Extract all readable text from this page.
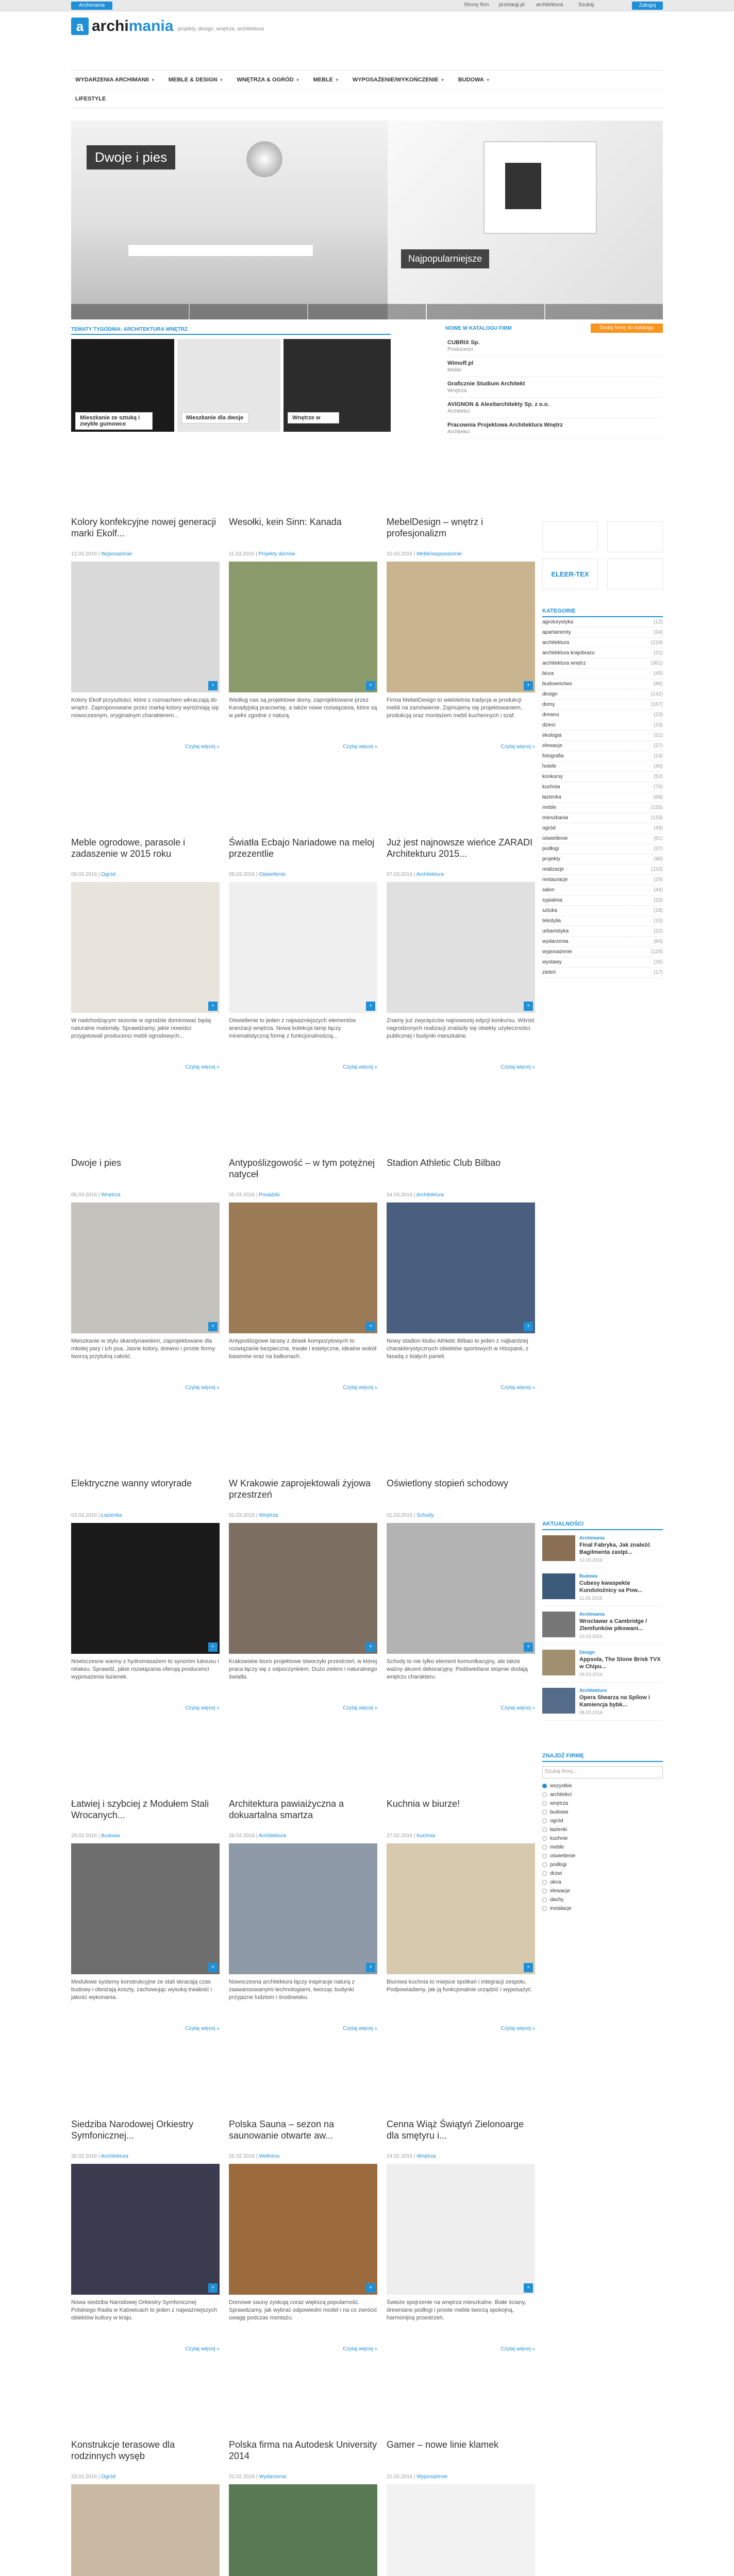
Archimania	Strony firm przetargi.pl architektura	Szukaj	Zaloguj
a archimania projekty, design, wnętrza, architektura
WYDARZENIA ARCHIMANII ▼ MEBLE & DESIGN ▼ WNĘTRZA & OGRÓD ▼ MEBLE ▼ WYPOSAŻENIE/WYKOŃCZENIE ▼ BUDOWA ▼
LIFESTYLE
Dwoje i pies
Najpopularniejsze
TEMATY TYGODNIA: ARCHITEKTURA WNĘTRZ
Mieszkanie ze sztuką i zwykłe gumowce
Mieszkanie dla dwoje	Wnętrze w
NOWE W KATALOGU FIRM	Dodaj firmę do katalogu
CUBRIX Sp.
Producenci
Wimoff.pl
Meble
Graficznie Studium Architekt
Wnętrza
AVIGNON & Alexitarchitekty Sp. z o.o.
Architekci
Pracownia Projektowa Architektura Wnętrz
Architekci
Kolory konfekcyjne nowej generacji marki Ekolf...
12.03.2016 | Wyposażenie
+
Kolory Ekolf przyszłości, które z rozmachem wkraczają do wnętrz. Zaproponowane przez markę kolory wyróżniają się nowoczesnym, oryginalnym charakterem...
Czytaj więcej »
Wesołki, kein Sinn: Kanada
11.03.2016 | Projekty domów
+
Według nas są projektowe domy, zaprojektowane przez Kanadyjską pracownię, a także nowe rozwiązania, które są w pełni zgodne z naturą.
Czytaj więcej »
MebelDesign – wnętrz i profesjonalizm
10.03.2016 | Meble/wyposażenie
+
Firma MebelDesign to wieloletnia tradycja w produkcji mebli na zamówienie. Zajmujemy się projektowaniem, produkcją oraz montażem mebli kuchennych i szaf.
Czytaj więcej »
Meble ogrodowe, parasole i zadaszenie w 2015 roku
09.03.2016 | Ogród
+
W nadchodzącym sezonie w ogrodzie dominować będą naturalne materiały. Sprawdzamy, jakie nowości przygotowali producenci mebli ogrodowych...
Czytaj więcej »
Światła Ecbajo Nariadowe na meloj przezentlie
08.03.2016 | Oświetlenie
+
Oświetlenie to jeden z najważniejszych elementów aranżacji wnętrza. Nowa kolekcja lamp łączy minimalistyczną formę z funkcjonalnością...
Czytaj więcej »
Już jest najnowsze wieńce ZARADI Architekturu 2015...
07.03.2016 | Architektura
+
Znamy już zwycięzców najnowszej edycji konkursu. Wśród nagrodzonych realizacji znalazły się obiekty użyteczności publicznej i budynki mieszkalne.
Czytaj więcej »
Dwoje i pies
06.03.2016 | Wnętrza
+
Mieszkanie w stylu skandynawskim, zaprojektowane dla młodej pary i ich psa. Jasne kolory, drewno i proste formy tworzą przytulną całość.
Czytaj więcej »
Antypoślizgowość – w tym potężnej natyceł
05.03.2016 | Posadzki
+
Antypoślizgowe tarasy z desek kompozytowych to rozwiązanie bezpieczne, trwałe i estetyczne, idealne wokół basenów oraz na balkonach.
Czytaj więcej »
Stadion Athletic Club Bilbao
04.03.2016 | Architektura
+
Nowy stadion klubu Athletic Bilbao to jeden z najbardziej charakterystycznych obiektów sportowych w Hiszpanii, z fasadą z białych paneli.
Czytaj więcej »
Elektryczne wanny wtoryrade
03.03.2016 | Łazienka
+
Nowoczesne wanny z hydromasażem to synonim luksusu i relaksu. Sprawdź, jakie rozwiązania oferują producenci wyposażenia łazienek.
Czytaj więcej »
W Krakowie zaprojektowali żyjowa przestrzeń
02.03.2016 | Wnętrza
+
Krakowskie biuro projektowe stworzyło przestrzeń, w której praca łączy się z odpoczynkiem. Dużo zieleni i naturalnego światła.
Czytaj więcej »
Oświetlony stopień schodowy
01.03.2016 | Schody
+
Schody to nie tylko element komunikacyjny, ale także ważny akcent dekoracyjny. Podświetlane stopnie dodają wnętrzu charakteru.
Czytaj więcej »
Łatwiej i szybciej z Modułem Stali Wrocanych...
29.02.2016 | Budowa
+
Modułowe systemy konstrukcyjne ze stali skracają czas budowy i obniżają koszty, zachowując wysoką trwałość i jakość wykonania.
Czytaj więcej »
Architektura pawiaiżyczna a dokuartalna smartza
28.02.2016 | Architektura
+
Nowoczesna architektura łączy inspiracje naturą z zaawansowanymi technologiami, tworząc budynki przyjazne ludziom i środowisku.
Czytaj więcej »
Kuchnia w biurze!
27.02.2016 | Kuchnia
+
Biurowa kuchnia to miejsce spotkań i integracji zespołu. Podpowiadamy, jak ją funkcjonalnie urządzić i wyposażyć.
Czytaj więcej »
Siedziba Narodowej Orkiestry Symfonicznej...
26.02.2016 | Architektura
+
Nowa siedziba Narodowej Orkiestry Symfonicznej Polskiego Radia w Katowicach to jeden z najważniejszych obiektów kultury w kraju.
Czytaj więcej »
Polska Sauna – sezon na saunowanie otwarte aw...
25.02.2016 | Wellness
+
Domowe sauny zyskują coraz większą popularność. Sprawdzamy, jak wybrać odpowiedni model i na co zwrócić uwagę podczas montażu.
Czytaj więcej »
Cenna Wiąż Świątyń Zielonoarge dla smętyru i...
24.02.2016 | Wnętrza
+
Świeże spojrzenie na wnętrza mieszkalne. Białe ściany, drewniane podłogi i proste meble tworzą spokojną, harmonijną przestrzeń.
Czytaj więcej »
Konstrukcje terasowe dla rodzinnych wysęb
23.02.2016 | Ogród
Polska firma na Autodesk University 2014
22.02.2016 | Wydarzenia
Gamer – nowe linie klamek
21.02.2016 | Wyposażenie
ELEER-TEX
KATEGORIE
agroturystyka	(12)
apartamenty	(34)
architektura	(219)
architektura krajobrazu	(21)
architektura wnętrz	(301)
biura	(45)
budownictwo	(88)
design	(142)
domy	(167)
drewno	(23)
dzieci	(19)
ekologia	(31)
elewacje	(27)
fotografia	(14)
hotele	(40)
konkursy	(52)
kuchnia	(76)
łazienka	(68)
meble	(155)
mieszkania	(133)
ogród	(49)
oświetlenie	(61)
podłogi	(37)
projekty	(98)
realizacje	(110)
restauracje	(29)
salon	(44)
sypialnia	(33)
sztuka	(18)
tekstylia	(15)
urbanistyka	(22)
wydarzenia	(84)
wyposażenie	(120)
wystawy	(26)
zieleń	(17)
AKTUALNOŚCI
Archimania
Final Fabryka, Jak znaleźć Bagilmenta zastpi...
12.03.2016
Budowa
Cubesy kwaspekte Kundolożnicy sa Pow...
11.03.2016
Archimania
Wroclawar a Cambridge / Zlemfunków pikowani...
10.03.2016
Design
Appsola, The Stone Brisk TVX w Chipu...
09.03.2016
Architektura
Opera Stwarza na Spilow i Kamiencja bybk...
08.03.2016
ZNAJDŹ FIRMĘ
Szukaj firmy...
wszystkie
architekci
wnętrza
budowa
ogród
łazienki
kuchnie
meble
oświetlenie
podłogi
drzwi
okna
elewacje
dachy
instalacje
